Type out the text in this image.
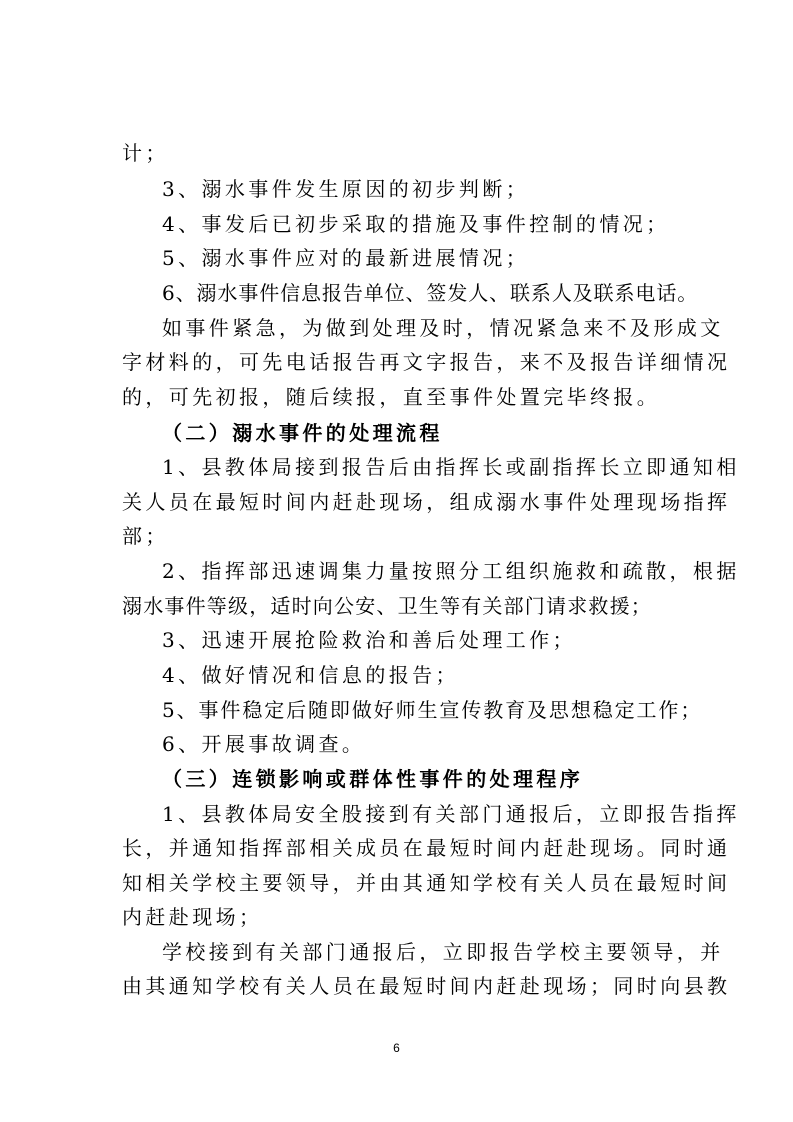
计；
3、溺水事件发生原因的初步判断；
4、事发后已初步采取的措施及事件控制的情况；
5、溺水事件应对的最新进展情况；
6、溺水事件信息报告单位、签发人、联系人及联系电话。
如事件紧急，为做到处理及时，情况紧急来不及形成文
字材料的，可先电话报告再文字报告，来不及报告详细情况
的，可先初报，随后续报，直至事件处置完毕终报。
（二）溺水事件的处理流程
1、县教体局接到报告后由指挥长或副指挥长立即通知相
关人员在最短时间内赶赴现场，组成溺水事件处理现场指挥
部；
2、指挥部迅速调集力量按照分工组织施救和疏散，根据
溺水事件等级，适时向公安、卫生等有关部门请求救援；
3、迅速开展抢险救治和善后处理工作；
4、做好情况和信息的报告；
5、事件稳定后随即做好师生宣传教育及思想稳定工作；
6、开展事故调查。
（三）连锁影响或群体性事件的处理程序
1、县教体局安全股接到有关部门通报后，立即报告指挥
长，并通知指挥部相关成员在最短时间内赶赴现场。同时通
知相关学校主要领导，并由其通知学校有关人员在最短时间
内赶赴现场；
学校接到有关部门通报后，立即报告学校主要领导，并
由其通知学校有关人员在最短时间内赶赴现场；同时向县教
6
